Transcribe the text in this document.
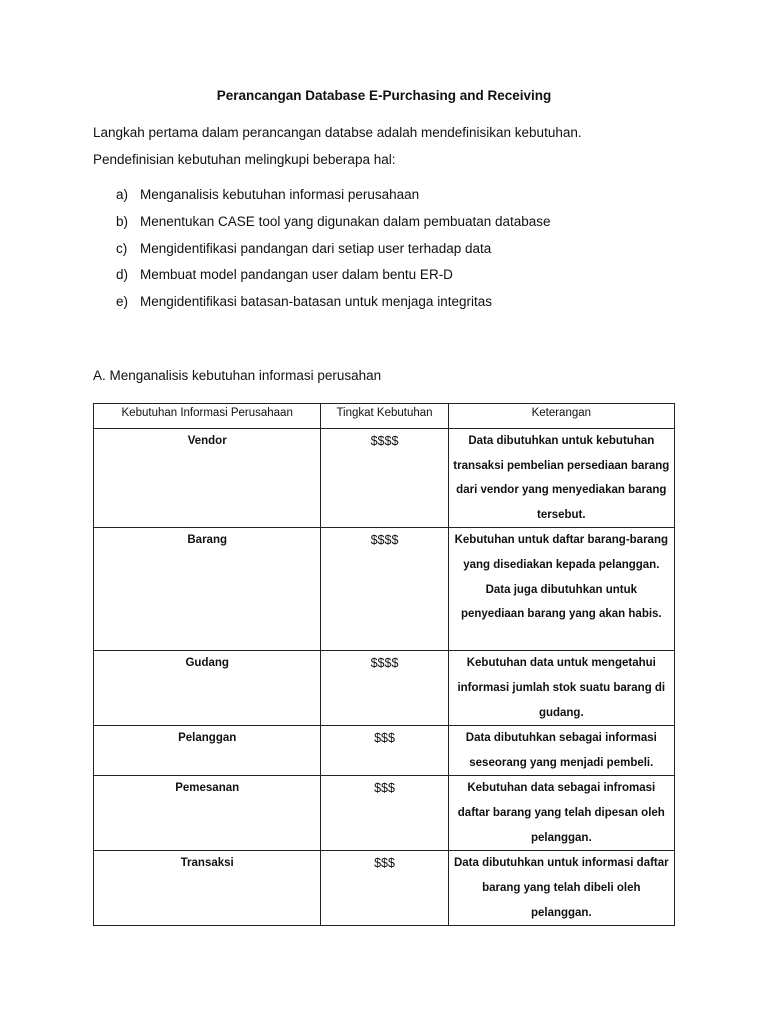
Perancangan Database E-Purchasing and Receiving
Langkah pertama dalam perancangan databse adalah mendefinisikan kebutuhan.
Pendefinisian kebutuhan melingkupi beberapa hal:
a) Menganalisis kebutuhan informasi perusahaan
b) Menentukan CASE tool yang digunakan dalam pembuatan database
c) Mengidentifikasi pandangan dari setiap user terhadap data
d) Membuat model pandangan user dalam bentu ER-D
e) Mengidentifikasi batasan-batasan untuk menjaga integritas
A. Menganalisis kebutuhan informasi perusahan
Kebutuhan Informasi Perusahaan	Tingkat Kebutuhan	Keterangan
Vendor	$$$$	Data dibutuhkan untuk kebutuhan transaksi pembelian persediaan barang dari vendor yang menyediakan barang tersebut.
Barang	$$$$	Kebutuhan untuk daftar barang-barang yang disediakan kepada pelanggan. Data juga dibutuhkan untuk penyediaan barang yang akan habis.
Gudang	$$$$	Kebutuhan data untuk mengetahui informasi jumlah stok suatu barang di gudang.
Pelanggan	$$$	Data dibutuhkan sebagai informasi seseorang yang menjadi pembeli.
Pemesanan	$$$	Kebutuhan data sebagai infromasi daftar barang yang telah dipesan oleh pelanggan.
Transaksi	$$$	Data dibutuhkan untuk informasi daftar barang yang telah dibeli oleh pelanggan.
